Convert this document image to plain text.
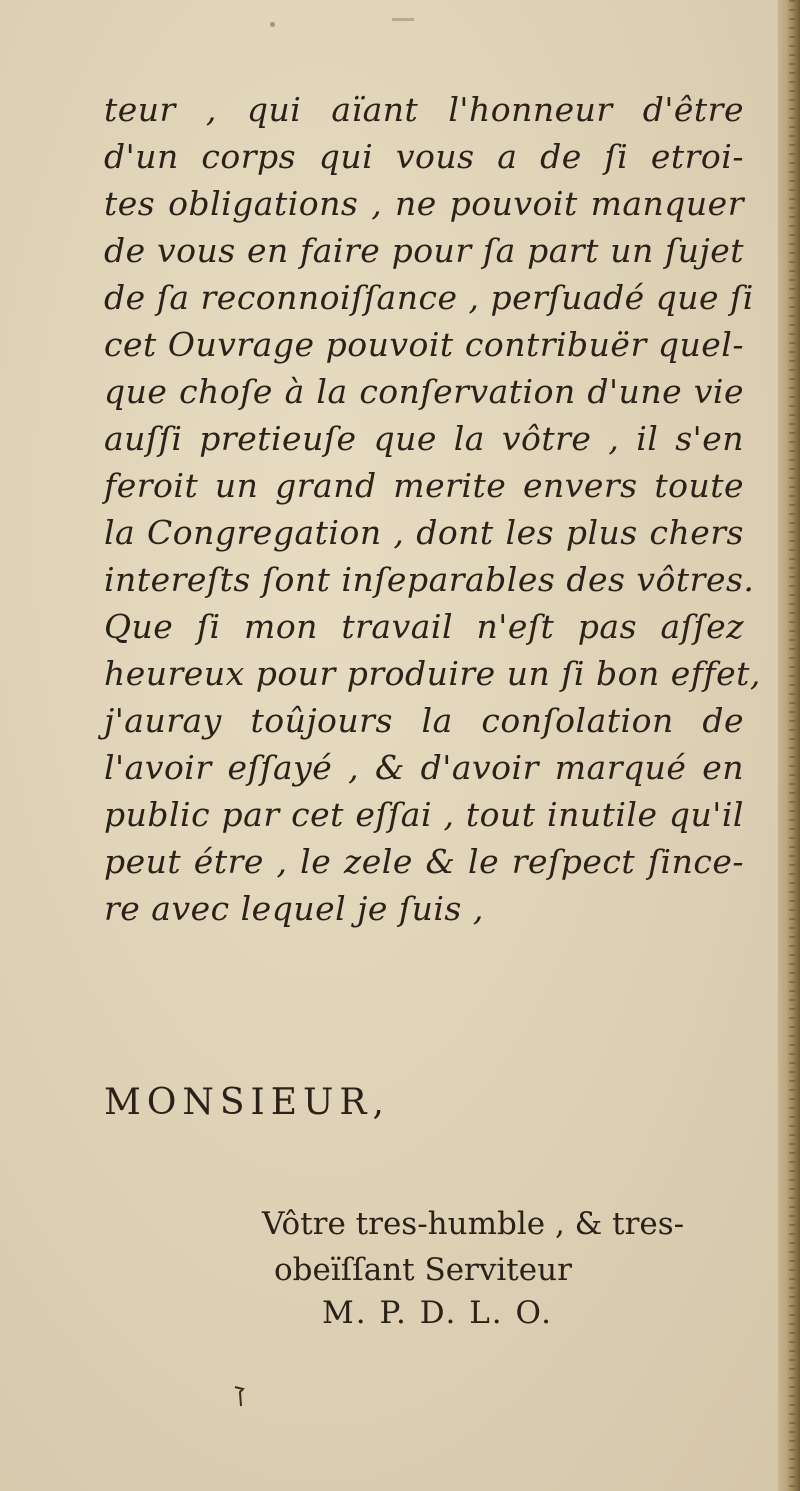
teur , qui aïant l'honneur d'être
d'un corps qui vous a de ſi etroi-
tes obligations , ne pouvoit manquer
de vous en faire pour ſa part un ſujet
de ſa reconnoiſſance , perſuadé que ſi
cet Ouvrage pouvoit contribuër quel-
que choſe à la conſervation d'une vie
auſſi pretieuſe que la vôtre , il s'en
feroit un grand merite envers toute
la Congregation , dont les plus chers
intereſts ſont inſeparables des vôtres.
Que ſi mon travail n'eſt pas aſſez
heureux pour produire un ſi bon effet,
j'auray toûjours la conſolation de
l'avoir eſſayé , & d'avoir marqué en
public par cet eſſai , tout inutile qu'il
peut étre , le zele & le reſpect ſince-
re avec lequel je ſuis ,
MONSIEUR,
Vôtre tres-humble , & tres-
obeïſſant Serviteur
M. P. D. L. O.
